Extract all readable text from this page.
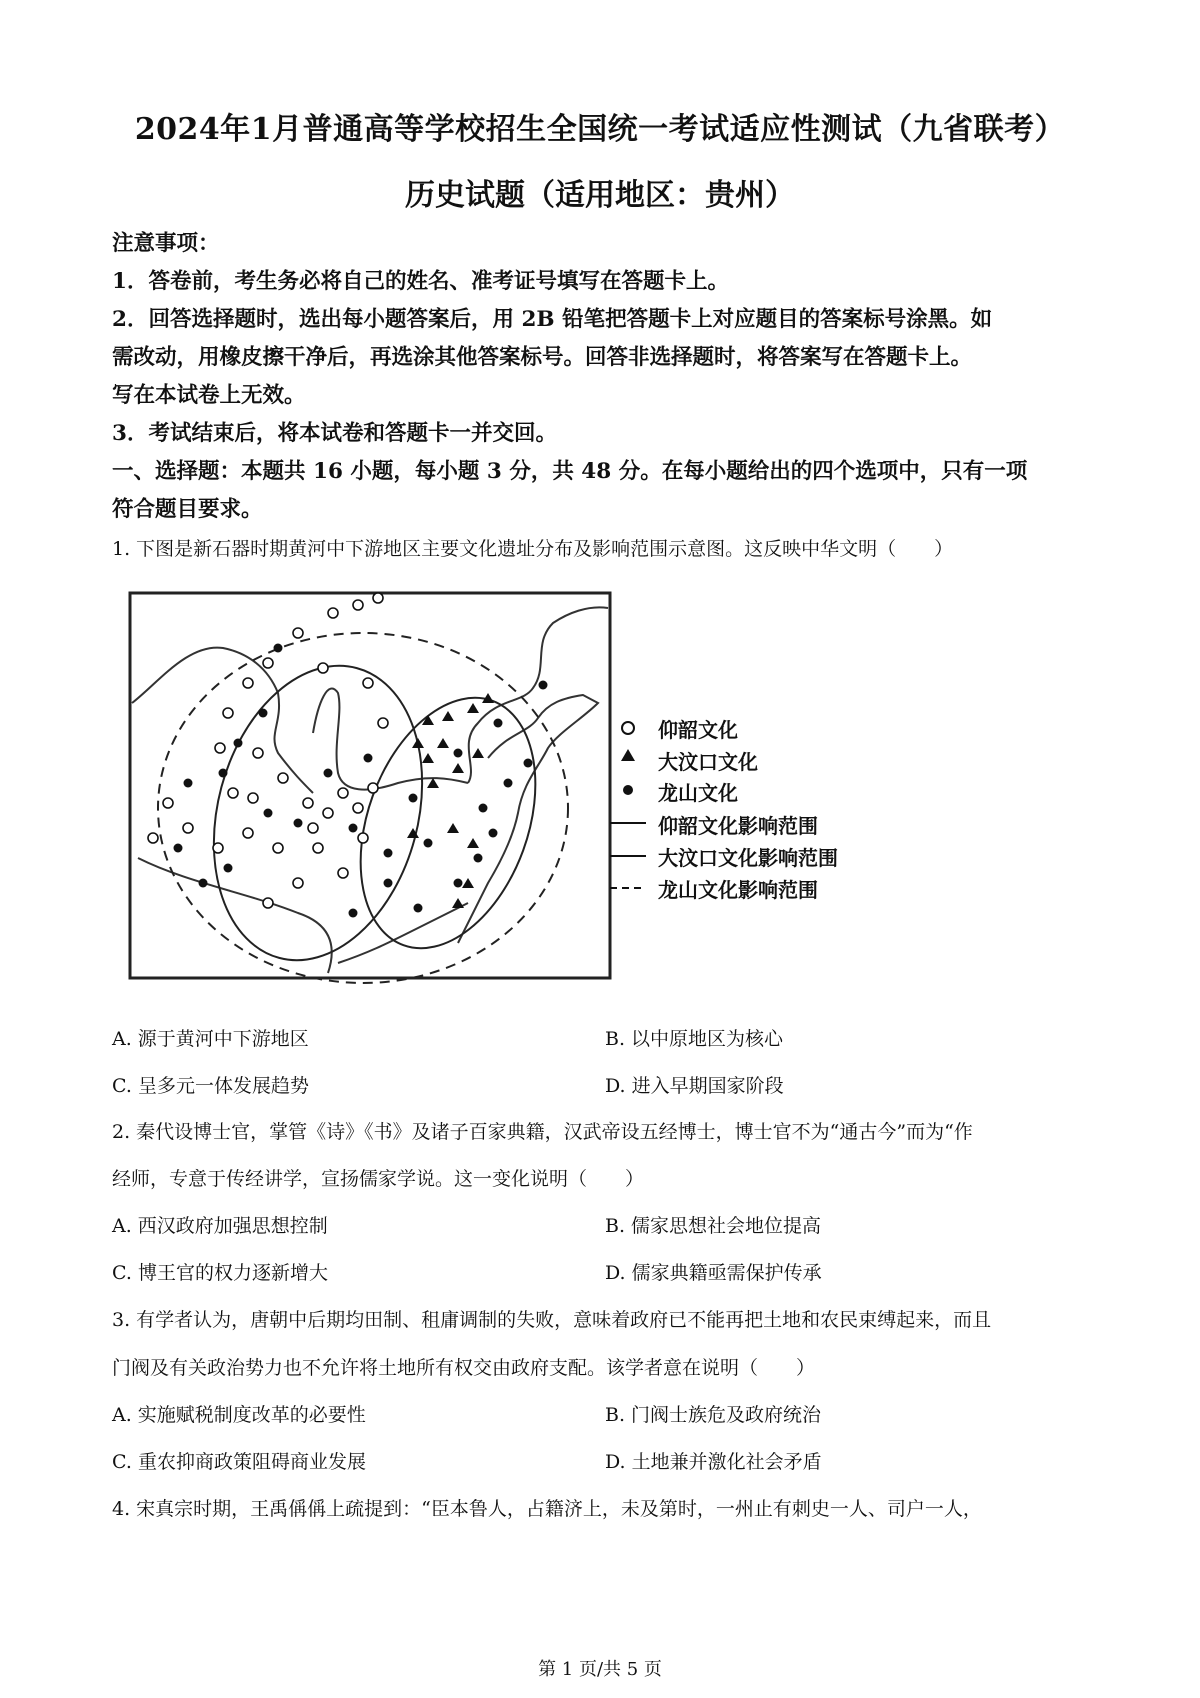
2024年1月普通高等学校招生全国统一考试适应性测试（九省联考）
历史试题（适用地区：贵州）
注意事项：
1．答卷前，考生务必将自己的姓名、准考证号填写在答题卡上。
2．回答选择题时，选出每小题答案后，用 2B 铅笔把答题卡上对应题目的答案标号涂黑。如
需改动，用橡皮擦干净后，再选涂其他答案标号。回答非选择题时，将答案写在答题卡上。
写在本试卷上无效。
3．考试结束后，将本试卷和答题卡一并交回。
一、选择题：本题共 16 小题，每小题 3 分，共 48 分。在每小题给出的四个选项中，只有一项
符合题目要求。
1. 下图是新石器时期黄河中下游地区主要文化遗址分布及影响范围示意图。这反映中华文明（　　）
仰韶文化
大汶口文化
龙山文化
仰韶文化影响范围
大汶口文化影响范围
龙山文化影响范围
A. 源于黄河中下游地区	B. 以中原地区为核心
C. 呈多元一体发展趋势	D. 进入早期国家阶段
2. 秦代设博士官，掌管《诗》《书》及诸子百家典籍，汉武帝设五经博士，博士官不为“通古今”而为“作
经师，专意于传经讲学，宣扬儒家学说。这一变化说明（　　）
A. 西汉政府加强思想控制	B. 儒家思想社会地位提高
C. 博王官的权力逐新增大	D. 儒家典籍亟需保护传承
3. 有学者认为，唐朝中后期均田制、租庸调制的失败，意味着政府已不能再把土地和农民束缚起来，而且
门阀及有关政治势力也不允许将土地所有权交由政府支配。该学者意在说明（　　）
A. 实施赋税制度改革的必要性	B. 门阀士族危及政府统治
C. 重农抑商政策阻碍商业发展	D. 土地兼并激化社会矛盾
4. 宋真宗时期，王禹偁偁上疏提到：“臣本鲁人，占籍济上，未及第时，一州止有刺史一人、司户一人，
第 1 页/共 5 页
